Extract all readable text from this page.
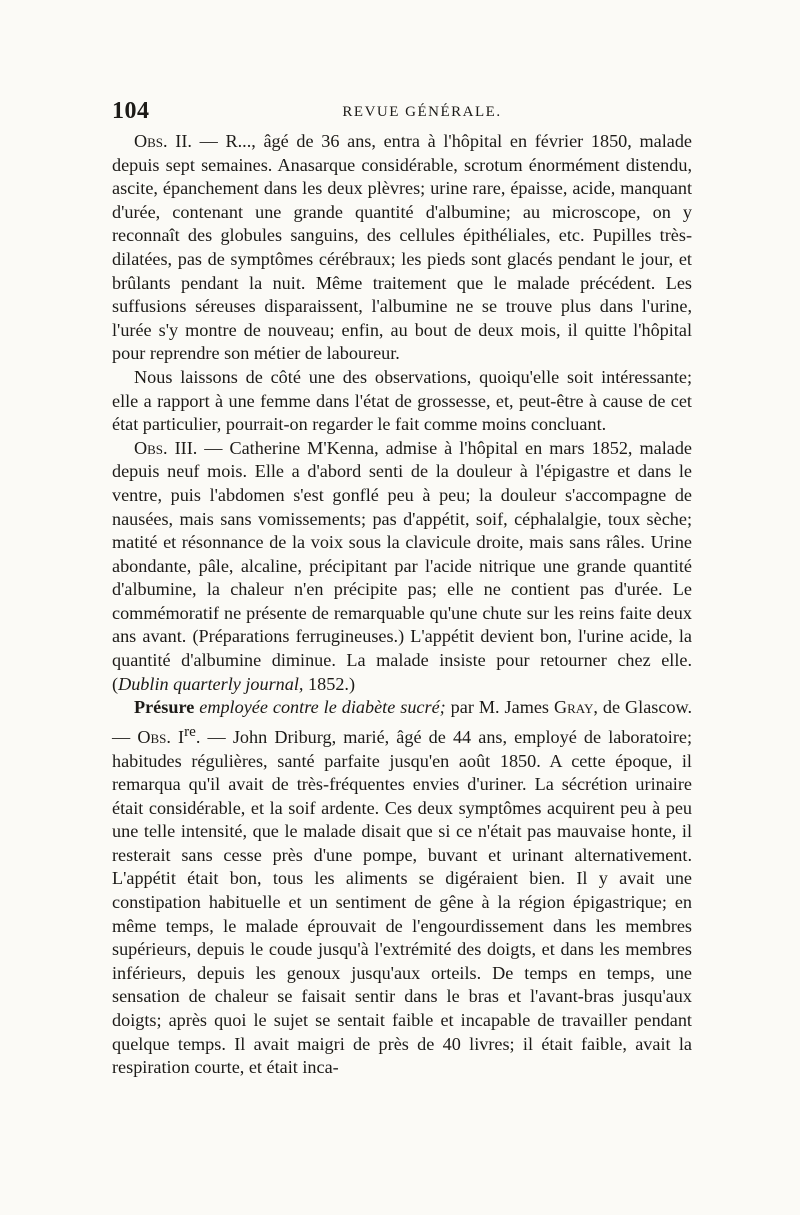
104	REVUE GÉNÉRALE.

Obs. II. — R..., âgé de 36 ans, entra à l'hôpital en février 1850, malade depuis sept semaines. Anasarque considérable, scrotum énormément distendu, ascite, épanchement dans les deux plèvres; urine rare, épaisse, acide, manquant d'urée, contenant une grande quantité d'albumine; au microscope, on y reconnaît des globules sanguins, des cellules épithéliales, etc. Pupilles très-dilatées, pas de symptômes cérébraux; les pieds sont glacés pendant le jour, et brûlants pendant la nuit. Même traitement que le malade précédent. Les suffusions séreuses disparaissent, l'albumine ne se trouve plus dans l'urine, l'urée s'y montre de nouveau; enfin, au bout de deux mois, il quitte l'hôpital pour reprendre son métier de laboureur.

Nous laissons de côté une des observations, quoiqu'elle soit intéressante; elle a rapport à une femme dans l'état de grossesse, et, peut-être à cause de cet état particulier, pourrait-on regarder le fait comme moins concluant.

Obs. III. — Catherine M'Kenna, admise à l'hôpital en mars 1852, malade depuis neuf mois. Elle a d'abord senti de la douleur à l'épigastre et dans le ventre, puis l'abdomen s'est gonflé peu à peu; la douleur s'accompagne de nausées, mais sans vomissements; pas d'appétit, soif, céphalalgie, toux sèche; matité et résonnance de la voix sous la clavicule droite, mais sans râles. Urine abondante, pâle, alcaline, précipitant par l'acide nitrique une grande quantité d'albumine, la chaleur n'en précipite pas; elle ne contient pas d'urée. Le commémoratif ne présente de remarquable qu'une chute sur les reins faite deux ans avant. (Préparations ferrugineuses.) L'appétit devient bon, l'urine acide, la quantité d'albumine diminue. La malade insiste pour retourner chez elle. (Dublin quarterly journal, 1852.)

Présure employée contre le diabète sucré; par M. James Gray, de Glascow. — Obs. Ire. — John Driburg, marié, âgé de 44 ans, employé de laboratoire; habitudes régulières, santé parfaite jusqu'en août 1850. A cette époque, il remarqua qu'il avait de très-fréquentes envies d'uriner. La sécrétion urinaire était considérable, et la soif ardente. Ces deux symptômes acquirent peu à peu une telle intensité, que le malade disait que si ce n'était pas mauvaise honte, il resterait sans cesse près d'une pompe, buvant et urinant alternativement. L'appétit était bon, tous les aliments se digéraient bien. Il y avait une constipation habituelle et un sentiment de gêne à la région épigastrique; en même temps, le malade éprouvait de l'engourdissement dans les membres supérieurs, depuis le coude jusqu'à l'extrémité des doigts, et dans les membres inférieurs, depuis les genoux jusqu'aux orteils. De temps en temps, une sensation de chaleur se faisait sentir dans le bras et l'avant-bras jusqu'aux doigts; après quoi le sujet se sentait faible et incapable de travailler pendant quelque temps. Il avait maigri de près de 40 livres; il était faible, avait la respiration courte, et était inca-
